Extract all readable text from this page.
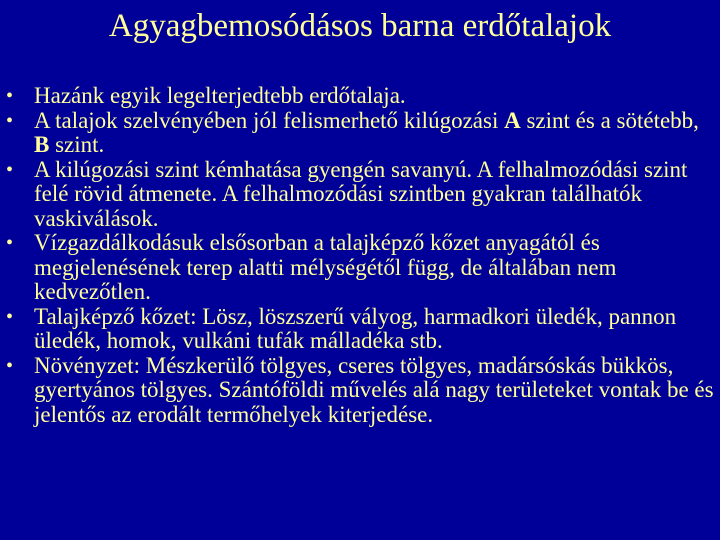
Agyagbemosódásos barna erdőtalajok
• Hazánk egyik legelterjedtebb erdőtalaja.
• A talajok szelvényében jól felismerhető kilúgozási A szint és a sötétebb, B szint.
• A kilúgozási szint kémhatása gyengén savanyú. A felhalmozódási szint felé rövid átmenete. A felhalmozódási szintben gyakran találhatók vaskiválások.
• Vízgazdálkodásuk elsősorban a talajképző kőzet anyagától és megjelenésének terep alatti mélységétől függ, de általában nem kedvezőtlen.
• Talajképző kőzet: Lösz, löszszerű vályog, harmadkori üledék, pannon üledék, homok, vulkáni tufák málladéka stb.
• Növényzet: Mészkerülő tölgyes, cseres tölgyes, madársóskás bükkös, gyertyános tölgyes. Szántóföldi művelés alá nagy területeket vontak be és jelentős az erodált termőhelyek kiterjedése.
